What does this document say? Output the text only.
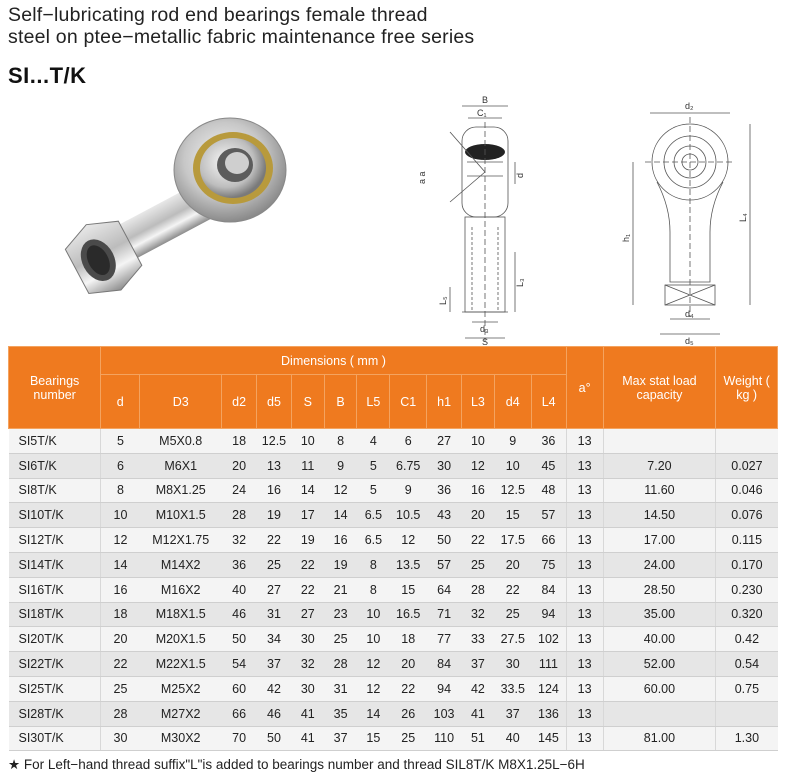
Self−lubricating rod end bearings female thread
steel on ptee−metallic fabric maintenance free series
SI...T/K
B
C₁
a a	d
L₃
L₅
d₃
S
d₂
h₁
L₄
d₄
d₅
Bearings number	Dimensions ( mm )												a°	Max stat load capacity	Weight ( kg )
	d	D3	d2	d5	S	B	L5	C1	h1	L3	d4	L4			
SI5T/K	5	M5X0.8	18	12.5	10	8	4	6	27	10	9	36	13		
SI6T/K	6	M6X1	20	13	11	9	5	6.75	30	12	10	45	13	7.20	0.027
SI8T/K	8	M8X1.25	24	16	14	12	5	9	36	16	12.5	48	13	11.60	0.046
SI10T/K	10	M10X1.5	28	19	17	14	6.5	10.5	43	20	15	57	13	14.50	0.076
SI12T/K	12	M12X1.75	32	22	19	16	6.5	12	50	22	17.5	66	13	17.00	0.115
SI14T/K	14	M14X2	36	25	22	19	8	13.5	57	25	20	75	13	24.00	0.170
SI16T/K	16	M16X2	40	27	22	21	8	15	64	28	22	84	13	28.50	0.230
SI18T/K	18	M18X1.5	46	31	27	23	10	16.5	71	32	25	94	13	35.00	0.320
SI20T/K	20	M20X1.5	50	34	30	25	10	18	77	33	27.5	102	13	40.00	0.42
SI22T/K	22	M22X1.5	54	37	32	28	12	20	84	37	30	111	13	52.00	0.54
SI25T/K	25	M25X2	60	42	30	31	12	22	94	42	33.5	124	13	60.00	0.75
SI28T/K	28	M27X2	66	46	41	35	14	26	103	41	37	136	13		
SI30T/K	30	M30X2	70	50	41	37	15	25	110	51	40	145	13	81.00	1.30
★ For Left−hand thread suffix"L"is added to bearings number and thread SIL8T/K M8X1.25L−6H
